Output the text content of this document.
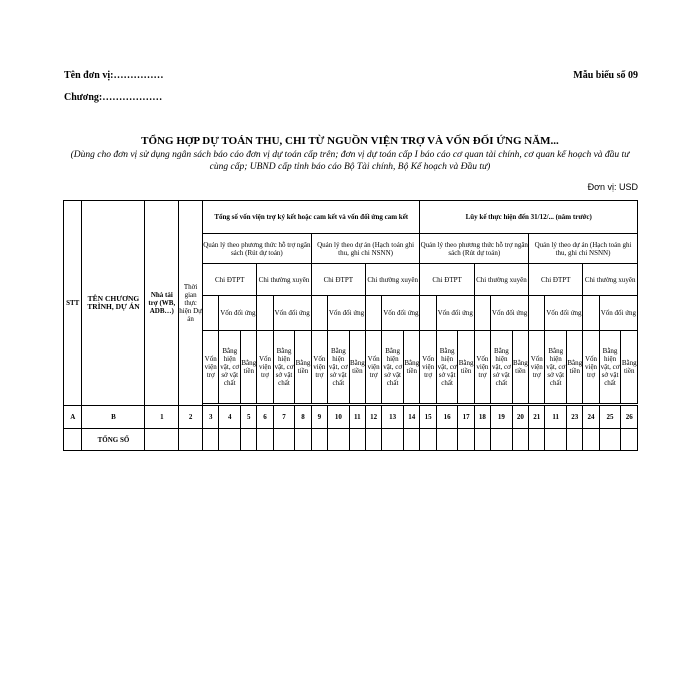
Tên đơn vị:……………
Chương:………………
Mẫu biểu số 09
TỔNG HỢP DỰ TOÁN THU, CHI TỪ NGUỒN VIỆN TRỢ VÀ VỐN ĐỐI ỨNG NĂM...
(Dùng cho đơn vị sử dụng ngân sách báo cáo đơn vị dự toán cấp trên; đơn vị dự toán cấp I báo cáo cơ quan tài chính, cơ quan kế hoạch và đầu tư cùng cấp; UBND cấp tỉnh báo cáo Bộ Tài chính, Bộ Kế hoạch và Đầu tư)
Đơn vị: USD
STT	TÊN CHƯƠNG TRÌNH, DỰ ÁN	Nhà tài trợ (WB, ADB…)	Thời gian thực hiện Dự án	Tổng số vốn viện trợ ký kết hoặc cam kết và vốn đối ứng cam kết												Lũy kế thực hiện đến 31/12/... (năm trước)											
				Quản lý theo phương thức hỗ trợ ngân sách (Rút dự toán)						Quản lý theo dự án (Hạch toán ghi thu, ghi chi NSNN)						Quản lý theo phương thức hỗ trợ ngân sách (Rút dự toán)						Quản lý theo dự án (Hạch toán ghi thu, ghi chi NSNN)					
				Chi ĐTPT			Chi thường xuyên			Chi ĐTPT			Chi thường xuyên			Chi ĐTPT			Chi thường xuyên			Chi ĐTPT			Chi thường xuyên		
					Vốn đối ứng			Vốn đối ứng			Vốn đối ứng			Vốn đối ứng			Vốn đối ứng			Vốn đối ứng			Vốn đối ứng			Vốn đối ứng	
				Vốn viện trợ	Bằng hiện vật, cơ sở vật chất	Bằng tiền	Vốn viện trợ	Bằng hiện vật, cơ sở vật chất	Bằng tiền	Vốn viện trợ	Bằng hiện vật, cơ sở vật chất	Bằng tiền	Vốn viện trợ	Bằng hiện vật, cơ sở vật chất	Bằng tiền	Vốn viện trợ	Bằng hiện vật, cơ sở vật chất	Bằng tiền	Vốn viện trợ	Bằng hiện vật, cơ sở vật chất	Bằng tiền	Vốn viện trợ	Bằng hiện vật, cơ sở vật chất	Bằng tiền	Vốn viện trợ	Bằng hiện vật, cơ sở vật chất	Bằng tiền

A	B	1	2	3	4	5	6	7	8	9	10	11	12	13	14	15	16	17	18	19	20	21	11	23	24	25	26
	TỔNG SỐ																										
